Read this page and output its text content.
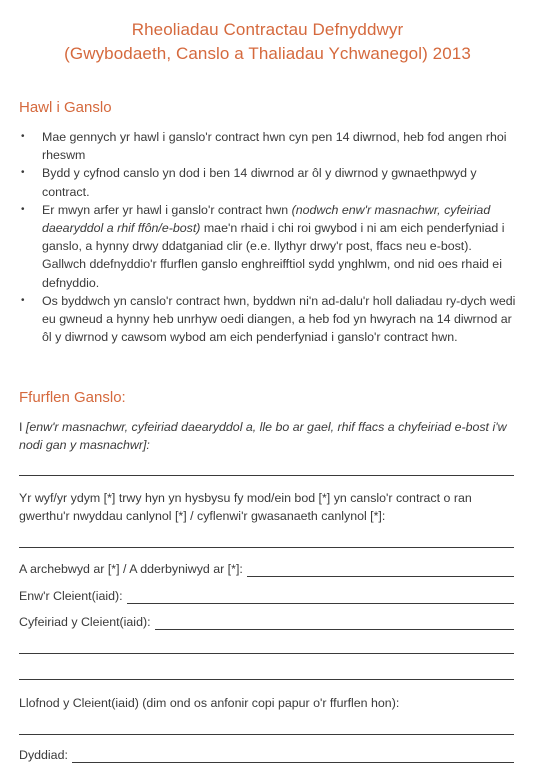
Rheoliadau Contractau Defnyddwyr
(Gwybodaeth, Canslo a Thaliadau Ychwanegol) 2013
Hawl i Ganslo
• Mae gennych yr hawl i ganslo'r contract hwn cyn pen 14 diwrnod, heb fod angen rhoi rheswm
• Bydd y cyfnod canslo yn dod i ben 14 diwrnod ar ôl y diwrnod y gwnaethpwyd y contract.
• Er mwyn arfer yr hawl i ganslo'r contract hwn (nodwch enw'r masnachwr, cyfeiriad daearyddol a rhif ffôn/e-bost) mae'n rhaid i chi roi gwybod i ni am eich penderfyniad i ganslo, a hynny drwy ddatganiad clir (e.e. llythyr drwy'r post, ffacs neu e-bost). Gallwch ddefnyddio'r ffurflen ganslo enghreifftiol sydd ynghlwm, ond nid oes rhaid ei defnyddio.
• Os byddwch yn canslo'r contract hwn, byddwn ni'n ad-dalu'r holl daliadau ry-dych wedi eu gwneud a hynny heb unrhyw oedi diangen, a heb fod yn hwyrach na 14 diwrnod ar ôl y diwrnod y cawsom wybod am eich penderfyniad i ganslo'r contract hwn.
Ffurflen Ganslo:
I [enw'r masnachwr, cyfeiriad daearyddol a, lle bo ar gael, rhif ffacs a chyfeiriad e-bost i'w nodi gan y masnachwr]:
Yr wyf/yr ydym [*] trwy hyn yn hysbysu fy mod/ein bod [*] yn canslo'r contract o ran gwerthu'r nwyddau canlynol [*] / cyflenwi'r gwasanaeth canlynol [*]:
A archebwyd ar [*] / A dderbyniwyd ar [*]:
Enw'r Cleient(iaid):
Cyfeiriad y Cleient(iaid):
Llofnod y Cleient(iaid) (dim ond os anfonir copi papur o'r ffurflen hon):
Dyddiad:
